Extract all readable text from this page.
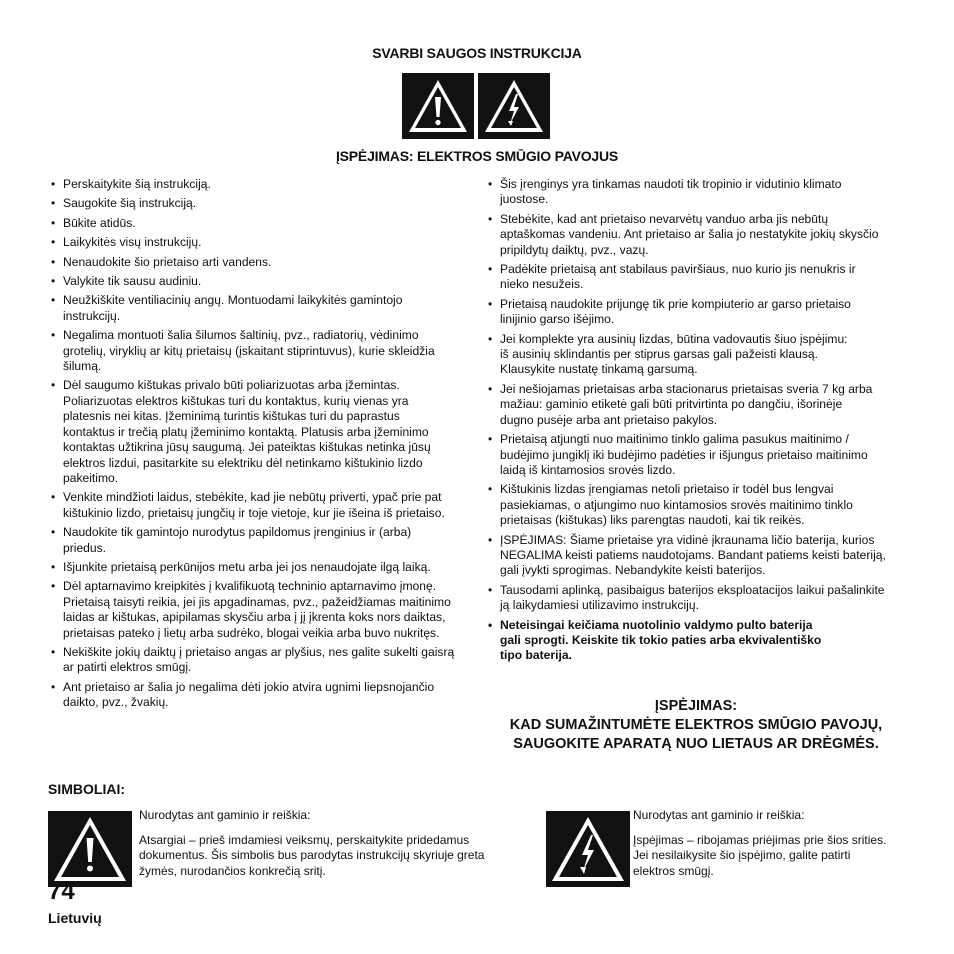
SVARBI SAUGOS INSTRUKCIJA
ĮSPĖJIMAS: ELEKTROS SMŪGIO PAVOJUS
• Perskaitykite šią instrukciją.
• Saugokite šią instrukciją.
• Būkite atidūs.
• Laikykitės visų instrukcijų.
• Nenaudokite šio prietaiso arti vandens.
• Valykite tik sausu audiniu.
• Neužkiškite ventiliacinių angų. Montuodami laikykitės gamintojo
instrukcijų.
• Negalima montuoti šalia šilumos šaltinių, pvz., radiatorių, vėdinimo
grotelių, viryklių ar kitų prietaisų (įskaitant stiprintuvus), kurie skleidžia
šilumą.
• Dėl saugumo kištukas privalo būti poliarizuotas arba įžemintas.
Poliarizuotas elektros kištukas turi du kontaktus, kurių vienas yra
platesnis nei kitas. Įžeminimą turintis kištukas turi du paprastus
kontaktus ir trečią platų įžeminimo kontaktą. Platusis arba įžeminimo
kontaktas užtikrina jūsų saugumą. Jei pateiktas kištukas netinka jūsų
elektros lizdui, pasitarkite su elektriku dėl netinkamo kištukinio lizdo
pakeitimo.
• Venkite mindžioti laidus, stebėkite, kad jie nebūtų priverti, ypač prie pat
kištukinio lizdo, prietaisų jungčių ir toje vietoje, kur jie išeina iš prietaiso.
• Naudokite tik gamintojo nurodytus papildomus įrenginius ir (arba)
priedus.
• Išjunkite prietaisą perkūnijos metu arba jei jos nenaudojate ilgą laiką.
• Dėl aptarnavimo kreipkitės į kvalifikuotą techninio aptarnavimo įmonę.
Prietaisą taisyti reikia, jei jis apgadinamas, pvz., pažeidžiamas maitinimo
laidas ar kištukas, apipilamas skysčiu arba į jį įkrenta koks nors daiktas,
prietaisas pateko į lietų arba sudrėko, blogai veikia arba buvo nukritęs.
• Nekiškite jokių daiktų į prietaiso angas ar plyšius, nes galite sukelti gaisrą
ar patirti elektros smūgį.
• Ant prietaiso ar šalia jo negalima dėti jokio atvira ugnimi liepsnojančio
daikto, pvz., žvakių.
• Šis įrenginys yra tinkamas naudoti tik tropinio ir vidutinio klimato
juostose.
• Stebėkite, kad ant prietaiso nevarvėtų vanduo arba jis nebūtų
aptaškomas vandeniu. Ant prietaiso ar šalia jo nestatykite jokių skysčio
pripildytų daiktų, pvz., vazų.
• Padėkite prietaisą ant stabilaus paviršiaus, nuo kurio jis nenukris ir
nieko nesužeis.
• Prietaisą naudokite prijungę tik prie kompiuterio ar garso prietaiso
linijinio garso išėjimo.
• Jei komplekte yra ausinių lizdas, būtina vadovautis šiuo įspėjimu:
iš ausinių sklindantis per stiprus garsas gali pažeisti klausą.
Klausykite nustatę tinkamą garsumą.
• Jei nešiojamas prietaisas arba stacionarus prietaisas sveria 7 kg arba
mažiau: gaminio etiketė gali būti pritvirtinta po dangčiu, išorinėje
dugno pusėje arba ant prietaiso pakylos.
• Prietaisą atjungti nuo maitinimo tinklo galima pasukus maitinimo /
budėjimo jungiklį iki budėjimo padėties ir išjungus prietaiso maitinimo
laidą iš kintamosios srovės lizdo.
• Kištukinis lizdas įrengiamas netoli prietaiso ir todėl bus lengvai
pasiekiamas, o atjungimo nuo kintamosios srovės maitinimo tinklo
prietaisas (kištukas) liks parengtas naudoti, kai tik reikės.
• ĮSPĖJIMAS: Šiame prietaise yra vidinė įkraunama ličio baterija, kurios
NEGALIMA keisti patiems naudotojams. Bandant patiems keisti bateriją,
gali įvykti sprogimas. Nebandykite keisti baterijos.
• Tausodami aplinką, pasibaigus baterijos eksploatacijos laikui pašalinkite
ją laikydamiesi utilizavimo instrukcijų.
• Neteisingai keičiama nuotolinio valdymo pulto baterija
gali sprogti. Keiskite tik tokio paties arba ekvivalentiško
tipo baterija.
ĮSPĖJIMAS:
KAD SUMAŽINTUMĖTE ELEKTROS SMŪGIO PAVOJŲ,
SAUGOKITE APARATĄ NUO LIETAUS AR DRĖGMĖS.
SIMBOLIAI:
Nurodytas ant gaminio ir reiškia:
Atsargiai – prieš imdamiesi veiksmų, perskaitykite pridedamus
dokumentus. Šis simbolis bus parodytas instrukcijų skyriuje greta
žymės, nurodančios konkrečią sritį.
Nurodytas ant gaminio ir reiškia:
Įspėjimas – ribojamas priėjimas prie šios srities.
Jei nesilaikysite šio įspėjimo, galite patirti
elektros smūgį.
74
Lietuvių
